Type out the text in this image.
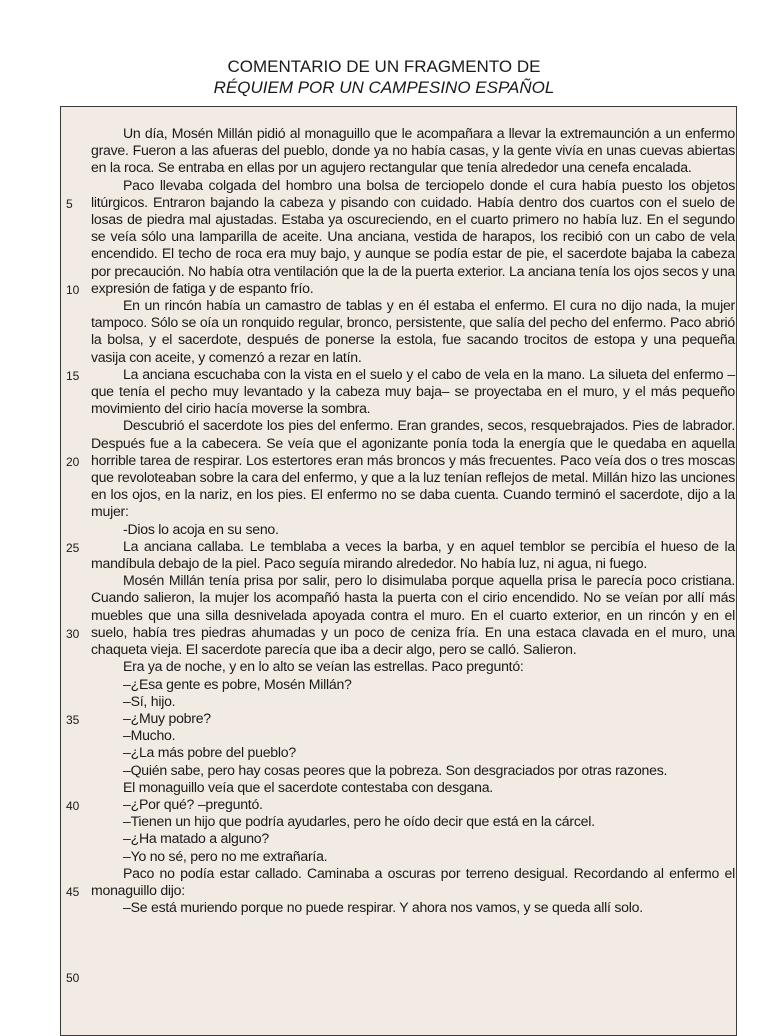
COMENTARIO DE UN FRAGMENTO DE
RÉQUIEM POR UN CAMPESINO ESPAÑOL
5
10
15
20
25
30
35
40
45
50

Un día, Mosén Millán pidió al monaguillo que le acompañara a llevar la extremaunción a un enfermo grave. Fueron a las afueras del pueblo, donde ya no había casas, y la gente vivía en unas cuevas abiertas en la roca. Se entraba en ellas por un agujero rectangular que tenía alrededor una cenefa encalada.

Paco llevaba colgada del hombro una bolsa de terciopelo donde el cura había puesto los objetos litúrgicos. Entraron bajando la cabeza y pisando con cuidado. Había dentro dos cuartos con el suelo de losas de piedra mal ajustadas. Estaba ya oscureciendo, en el cuarto primero no había luz. En el segundo se veía sólo una lamparilla de aceite. Una anciana, vestida de harapos, los recibió con un cabo de vela encendido. El techo de roca era muy bajo, y aunque se podía estar de pie, el sacerdote bajaba la cabeza por precaución. No había otra ventilación que la de la puerta exterior. La anciana tenía los ojos secos y una expresión de fatiga y de espanto frío.

En un rincón había un camastro de tablas y en él estaba el enfermo. El cura no dijo nada, la mujer tampoco. Sólo se oía un ronquido regular, bronco, persistente, que salía del pecho del enfermo. Paco abrió la bolsa, y el sacerdote, después de ponerse la estola, fue sacando trocitos de estopa y una pequeña vasija con aceite, y comenzó a rezar en latín.

La anciana escuchaba con la vista en el suelo y el cabo de vela en la mano. La silueta del enfermo –que tenía el pecho muy levantado y la cabeza muy baja– se proyectaba en el muro, y el más pequeño movimiento del cirio hacía moverse la sombra.

Descubrió el sacerdote los pies del enfermo. Eran grandes, secos, resquebrajados. Pies de labrador. Después fue a la cabecera. Se veía que el agonizante ponía toda la energía que le quedaba en aquella horrible tarea de respirar. Los estertores eran más broncos y más frecuentes. Paco veía dos o tres moscas que revoloteaban sobre la cara del enfermo, y que a la luz tenían reflejos de metal. Millán hizo las unciones en los ojos, en la nariz, en los pies. El enfermo no se daba cuenta. Cuando terminó el sacerdote, dijo a la mujer:

-Dios lo acoja en su seno.

La anciana callaba. Le temblaba a veces la barba, y en aquel temblor se percibía el hueso de la mandíbula debajo de la piel. Paco seguía mirando alrededor. No había luz, ni agua, ni fuego.

Mosén Millán tenía prisa por salir, pero lo disimulaba porque aquella prisa le parecía poco cristiana. Cuando salieron, la mujer los acompañó hasta la puerta con el cirio encendido. No se veían por allí más muebles que una silla desnivelada apoyada contra el muro. En el cuarto exterior, en un rincón y en el suelo, había tres piedras ahumadas y un poco de ceniza fría. En una estaca clavada en el muro, una chaqueta vieja. El sacerdote parecía que iba a decir algo, pero se calló. Salieron.

Era ya de noche, y en lo alto se veían las estrellas. Paco preguntó:

–¿Esa gente es pobre, Mosén Millán?

–Sí, hijo.

–¿Muy pobre?

–Mucho.

–¿La más pobre del pueblo?

–Quién sabe, pero hay cosas peores que la pobreza. Son desgraciados por otras razones.

El monaguillo veía que el sacerdote contestaba con desgana.

–¿Por qué? –preguntó.

–Tienen un hijo que podría ayudarles, pero he oído decir que está en la cárcel.

–¿Ha matado a alguno?

–Yo no sé, pero no me extrañaría.

Paco no podía estar callado. Caminaba a oscuras por terreno desigual. Recordando al enfermo el monaguillo dijo:

–Se está muriendo porque no puede respirar. Y ahora nos vamos, y se queda allí solo.
